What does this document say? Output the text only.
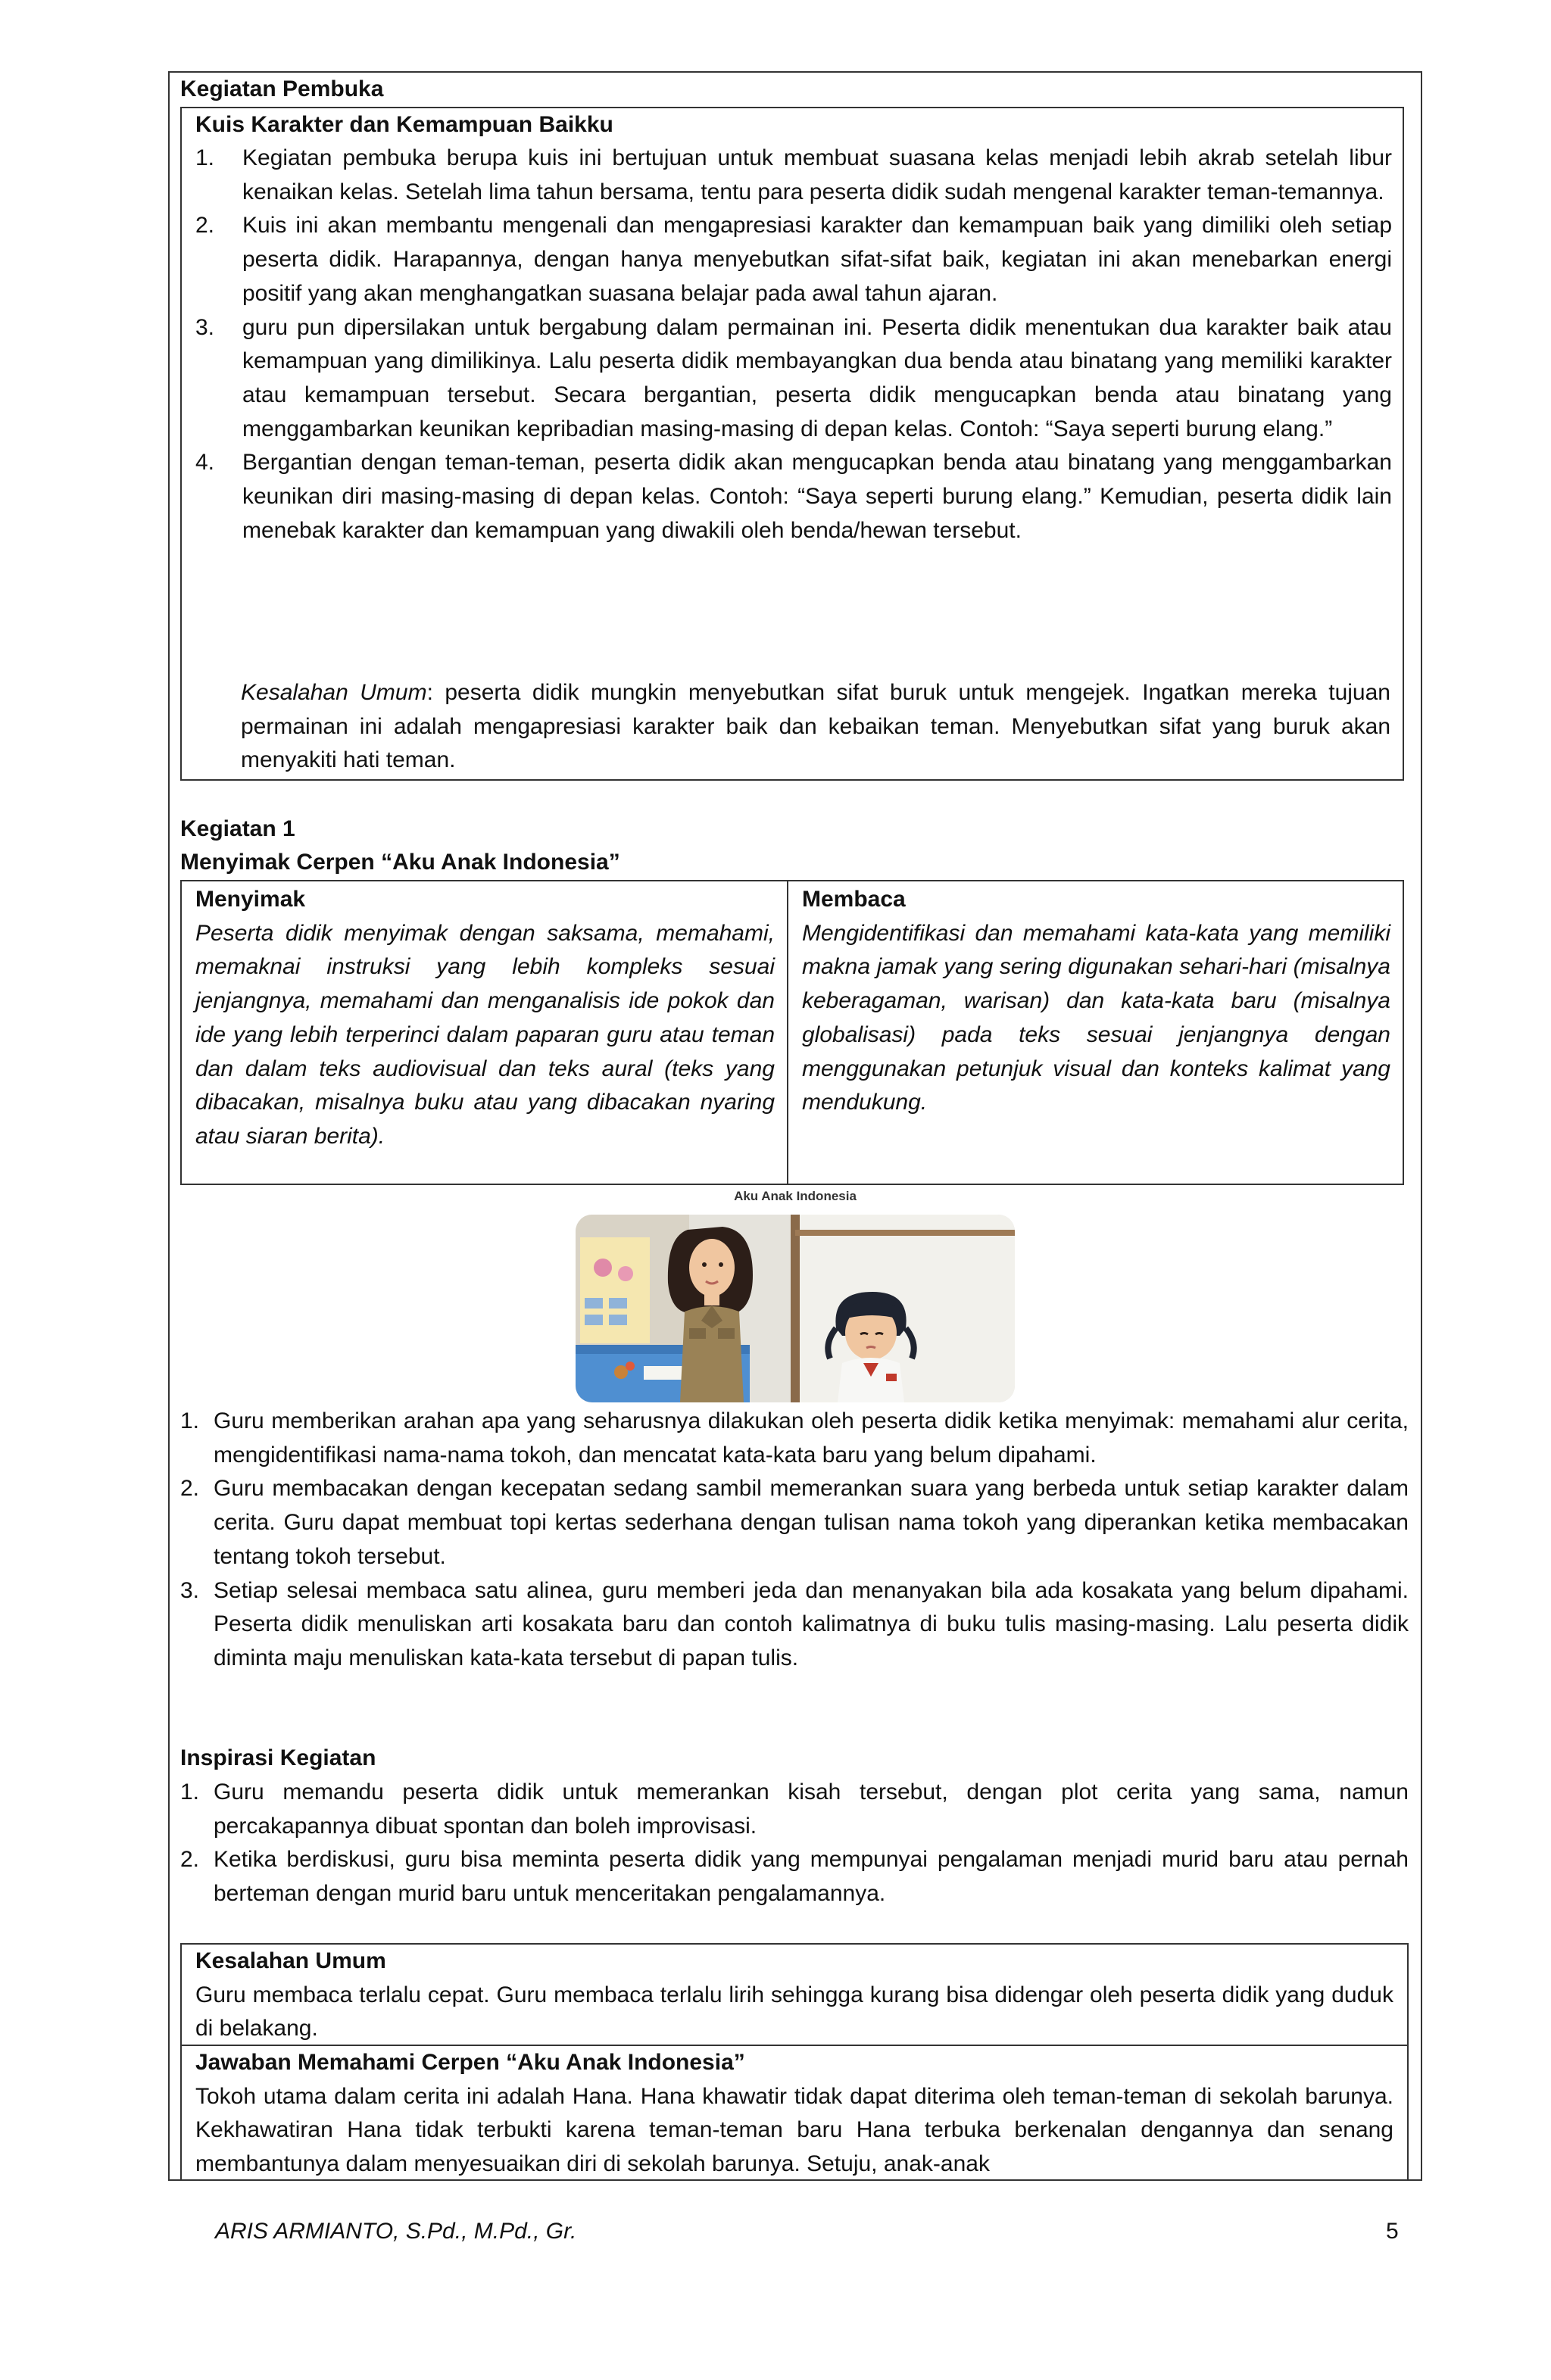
Kegiatan Pembuka
Kuis Karakter dan Kemampuan Baikku
1. Kegiatan pembuka berupa kuis ini bertujuan untuk membuat suasana kelas menjadi lebih akrab setelah libur kenaikan kelas. Setelah lima tahun bersama, tentu para peserta didik sudah mengenal karakter teman-temannya.
2. Kuis ini akan membantu mengenali dan mengapresiasi karakter dan kemampuan baik yang dimiliki oleh setiap peserta didik. Harapannya, dengan hanya menyebutkan sifat-sifat baik, kegiatan ini akan menebarkan energi positif yang akan menghangatkan suasana belajar pada awal tahun ajaran.
3. guru pun dipersilakan untuk bergabung dalam permainan ini. Peserta didik menentukan dua karakter baik atau kemampuan yang dimilikinya. Lalu peserta didik membayangkan dua benda atau binatang yang memiliki karakter atau kemampuan tersebut. Secara bergantian, peserta didik mengucapkan benda atau binatang yang menggambarkan keunikan kepribadian masing-masing di depan kelas. Contoh: “Saya seperti burung elang.”
4. Bergantian dengan teman-teman, peserta didik akan mengucapkan benda atau binatang yang menggambarkan keunikan diri masing-masing di depan kelas. Contoh: “Saya seperti burung elang.” Kemudian, peserta didik lain menebak karakter dan kemampuan yang diwakili oleh benda/hewan tersebut.
Kesalahan Umum: peserta didik mungkin menyebutkan sifat buruk untuk mengejek. Ingatkan mereka tujuan permainan ini adalah mengapresiasi karakter baik dan kebaikan teman. Menyebutkan sifat yang buruk akan menyakiti hati teman.
Kegiatan 1
Menyimak Cerpen “Aku Anak Indonesia”
Menyimak
Peserta didik menyimak dengan saksama, memahami, memaknai instruksi yang lebih kompleks sesuai jenjangnya, memahami dan menganalisis ide pokok dan ide yang lebih terperinci dalam paparan guru atau teman dan dalam teks audiovisual dan teks aural (teks yang dibacakan, misalnya buku atau yang dibacakan nyaring atau siaran berita).
Membaca
Mengidentifikasi dan memahami kata-kata yang memiliki makna jamak yang sering digunakan sehari-hari (misalnya keberagaman, warisan) dan kata-kata baru (misalnya globalisasi) pada teks sesuai jenjangnya dengan menggunakan petunjuk visual dan konteks kalimat yang mendukung.
Aku Anak Indonesia
1. Guru memberikan arahan apa yang seharusnya dilakukan oleh peserta didik ketika menyimak: memahami alur cerita, mengidentifikasi nama-nama tokoh, dan mencatat kata-kata baru yang belum dipahami.
2. Guru membacakan dengan kecepatan sedang sambil memerankan suara yang berbeda untuk setiap karakter dalam cerita. Guru dapat membuat topi kertas sederhana dengan tulisan nama tokoh yang diperankan ketika membacakan tentang tokoh tersebut.
3. Setiap selesai membaca satu alinea, guru memberi jeda dan menanyakan bila ada kosakata yang belum dipahami. Peserta didik menuliskan arti kosakata baru dan contoh kalimatnya di buku tulis masing-masing. Lalu peserta didik diminta maju menuliskan kata-kata tersebut di papan tulis.
Inspirasi Kegiatan
1. Guru memandu peserta didik untuk memerankan kisah tersebut, dengan plot cerita yang sama, namun percakapannya dibuat spontan dan boleh improvisasi.
2. Ketika berdiskusi, guru bisa meminta peserta didik yang mempunyai pengalaman menjadi murid baru atau pernah berteman dengan murid baru untuk menceritakan pengalamannya.
Kesalahan Umum
Guru membaca terlalu cepat. Guru membaca terlalu lirih sehingga kurang bisa didengar oleh peserta didik yang duduk di belakang.
Jawaban Memahami Cerpen “Aku Anak Indonesia”
Tokoh utama dalam cerita ini adalah Hana. Hana khawatir tidak dapat diterima oleh teman-teman di sekolah barunya. Kekhawatiran Hana tidak terbukti karena teman-teman baru Hana terbuka berkenalan dengannya dan senang membantunya dalam menyesuaikan diri di sekolah barunya. Setuju, anak-anak
ARIS ARMIANTO, S.Pd., M.Pd., Gr.	5
